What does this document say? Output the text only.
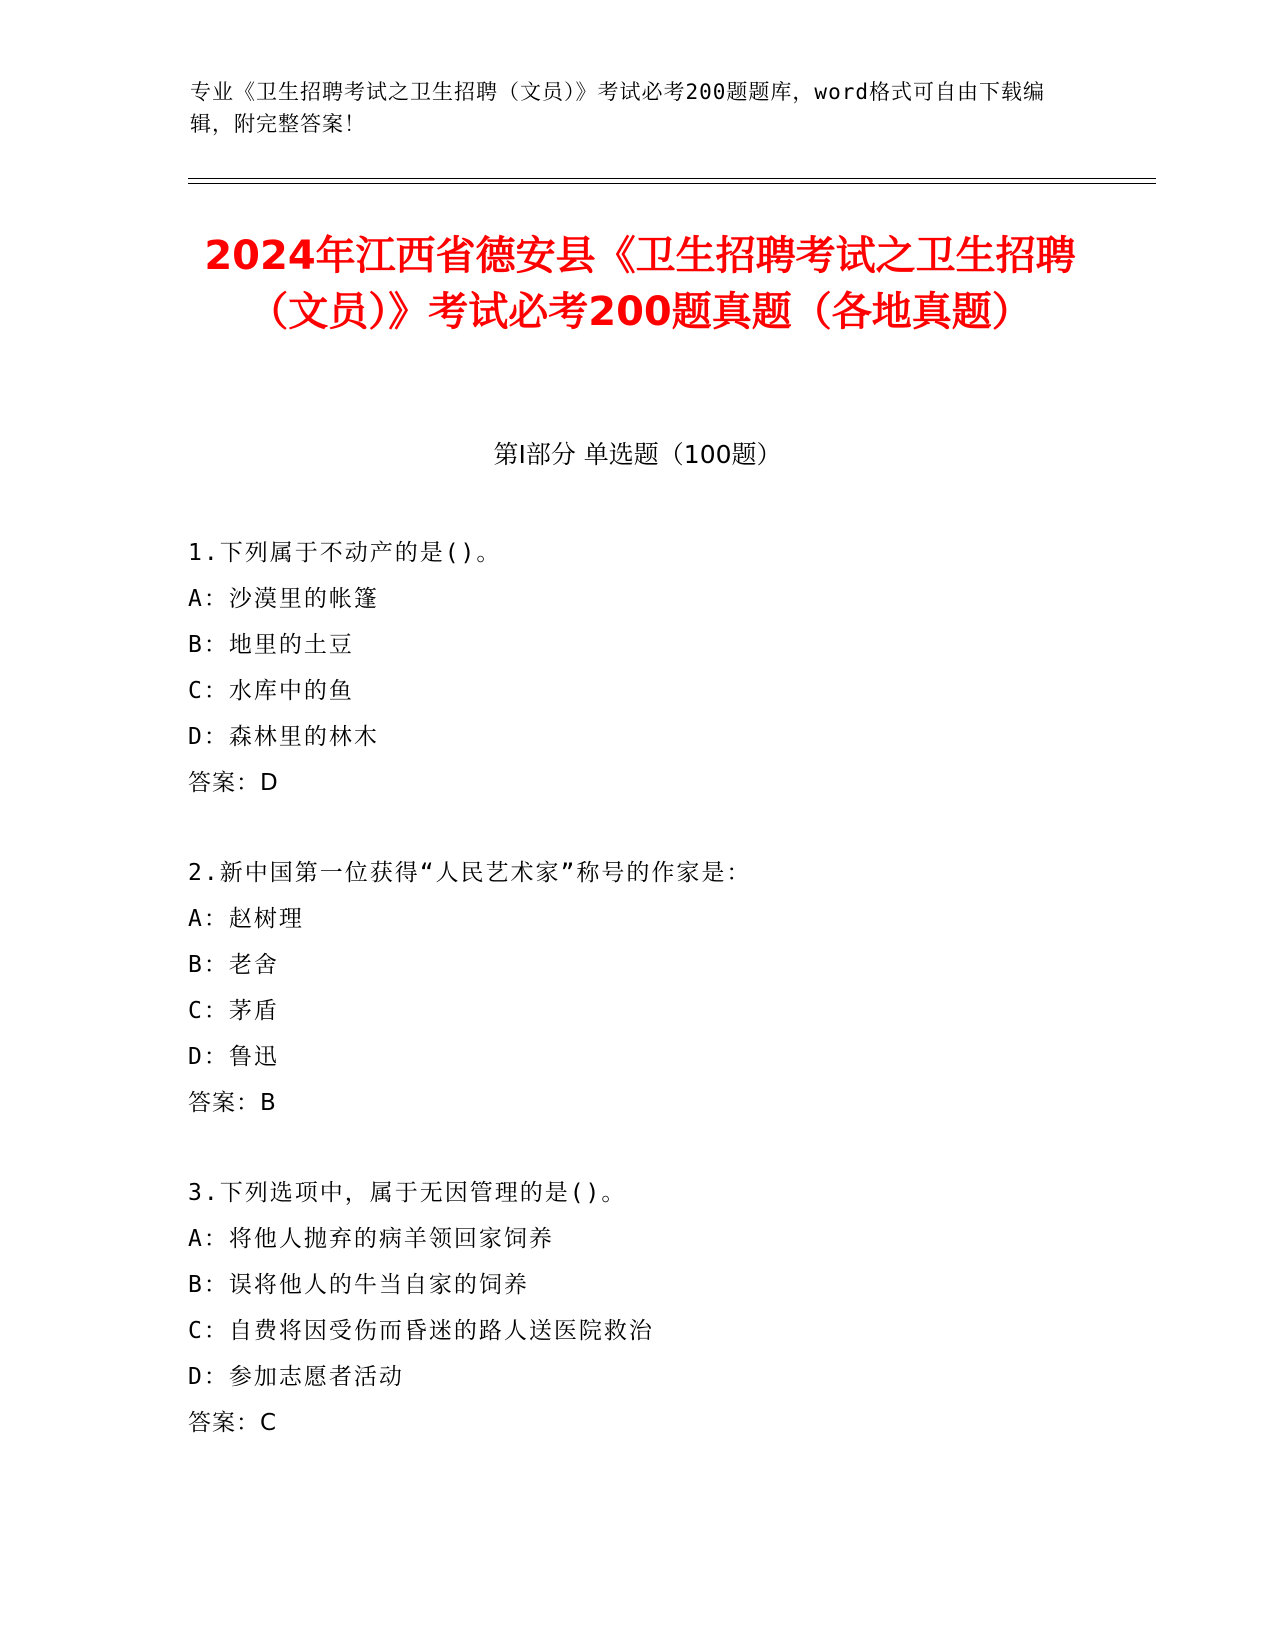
专业《卫生招聘考试之卫生招聘（文员）》考试必考200题题库，word格式可自由下载编辑，附完整答案！
2024年江西省德安县《卫生招聘考试之卫生招聘（文员）》考试必考200题真题（各地真题）
第I部分 单选题（100题）
1.下列属于不动产的是()。
A：沙漠里的帐篷
B：地里的土豆
C：水库中的鱼
D：森林里的林木
答案：D
2.新中国第一位获得“人民艺术家”称号的作家是：
A：赵树理
B：老舍
C：茅盾
D：鲁迅
答案：B
3.下列选项中，属于无因管理的是()。
A：将他人抛弃的病羊领回家饲养
B：误将他人的牛当自家的饲养
C：自费将因受伤而昏迷的路人送医院救治
D：参加志愿者活动
答案：C
